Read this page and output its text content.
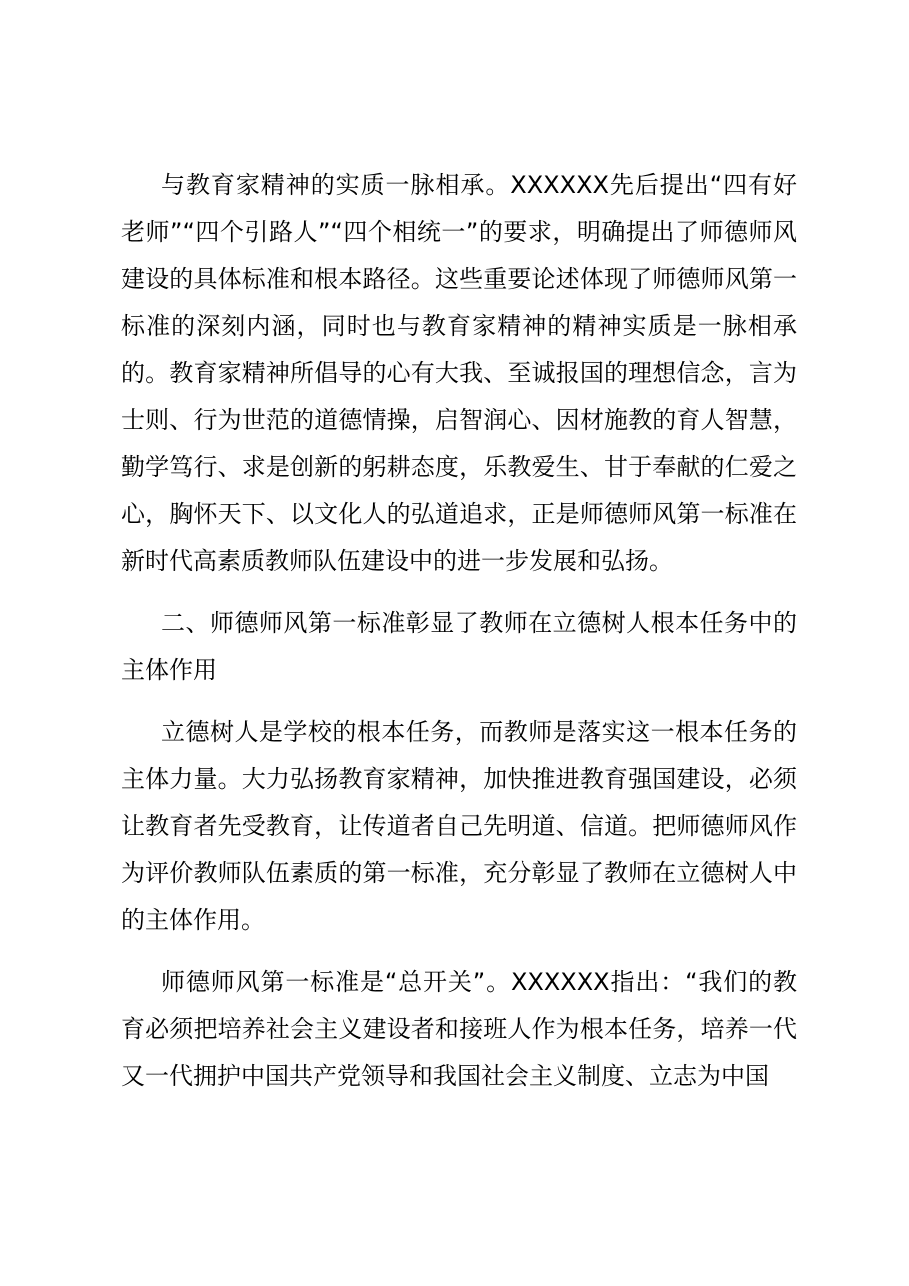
与教育家精神的实质一脉相承。XXXXXX先后提出“四有好老师”“四个引路人”“四个相统一”的要求，明确提出了师德师风建设的具体标准和根本路径。这些重要论述体现了师德师风第一标准的深刻内涵，同时也与教育家精神的精神实质是一脉相承的。教育家精神所倡导的心有大我、至诚报国的理想信念，言为士则、行为世范的道德情操，启智润心、因材施教的育人智慧，勤学笃行、求是创新的躬耕态度，乐教爱生、甘于奉献的仁爱之心，胸怀天下、以文化人的弘道追求，正是师德师风第一标准在新时代高素质教师队伍建设中的进一步发展和弘扬。

二、师德师风第一标准彰显了教师在立德树人根本任务中的主体作用

立德树人是学校的根本任务，而教师是落实这一根本任务的主体力量。大力弘扬教育家精神，加快推进教育强国建设，必须让教育者先受教育，让传道者自己先明道、信道。把师德师风作为评价教师队伍素质的第一标准，充分彰显了教师在立德树人中的主体作用。

师德师风第一标准是“总开关”。XXXXXX指出：“我们的教育必须把培养社会主义建设者和接班人作为根本任务，培养一代又一代拥护中国共产党领导和我国社会主义制度、立志为中国
